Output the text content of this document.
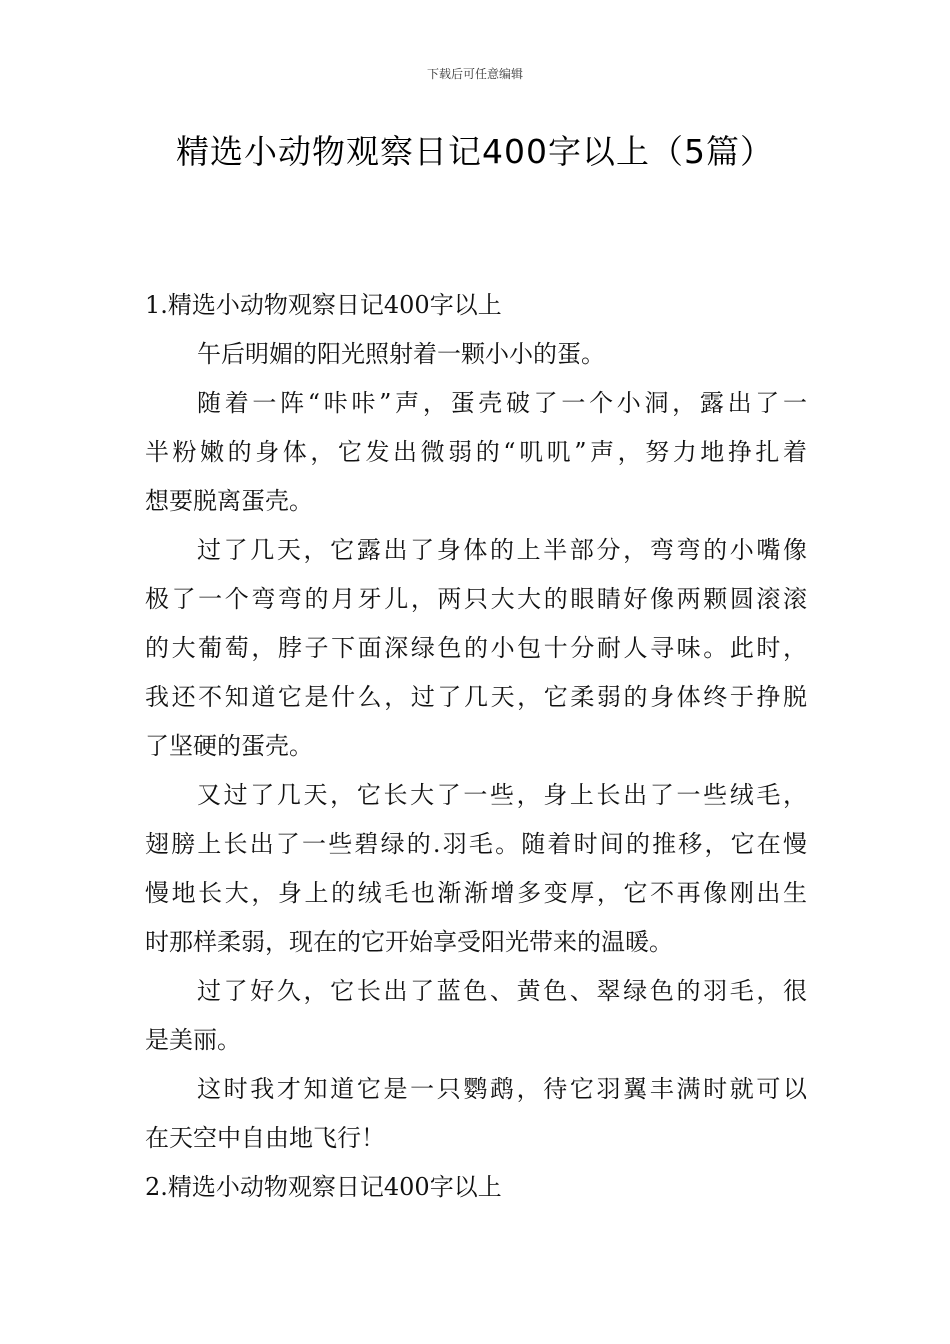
下载后可任意编辑
精选小动物观察日记400字以上（5篇）
1.精选小动物观察日记400字以上
午后明媚的阳光照射着一颗小小的蛋。
随着一阵“咔咔”声，蛋壳破了一个小洞，露出了一
半粉嫩的身体，它发出微弱的“叽叽”声，努力地挣扎着
想要脱离蛋壳。
过了几天，它露出了身体的上半部分，弯弯的小嘴像
极了一个弯弯的月牙儿，两只大大的眼睛好像两颗圆滚滚
的大葡萄，脖子下面深绿色的小包十分耐人寻味。此时，
我还不知道它是什么，过了几天，它柔弱的身体终于挣脱
了坚硬的蛋壳。
又过了几天，它长大了一些，身上长出了一些绒毛，
翅膀上长出了一些碧绿的.羽毛。随着时间的推移，它在慢
慢地长大，身上的绒毛也渐渐增多变厚，它不再像刚出生
时那样柔弱，现在的它开始享受阳光带来的温暖。
过了好久，它长出了蓝色、黄色、翠绿色的羽毛，很
是美丽。
这时我才知道它是一只鹦鹉，待它羽翼丰满时就可以
在天空中自由地飞行！
2.精选小动物观察日记400字以上
